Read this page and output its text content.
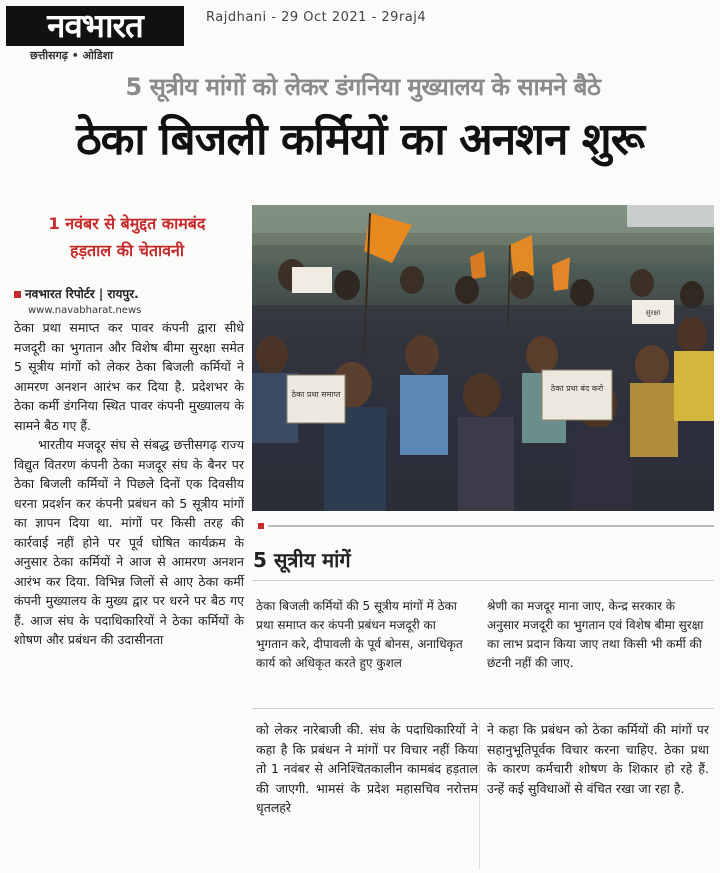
नवभारत
छत्तीसगढ़ • ओडिशा
Rajdhani - 29 Oct 2021 - 29raj4
5 सूत्रीय मांगों को लेकर डंगनिया मुख्यालय के सामने बैठे
ठेका बिजली कर्मियों का अनशन शुरू
1 नवंबर से बेमुद्दत कामबंद
हड़ताल की चेतावनी
नवभारत रिपोर्टर | रायपुर.
www.navabharat.news

ठेका प्रथा समाप्त कर पावर कंपनी द्वारा सीधे मजदूरी का भुगतान और विशेष बीमा सुरक्षा समेत 5 सूत्रीय मांगों को लेकर ठेका बिजली कर्मियों ने आमरण अनशन आरंभ कर दिया है. प्रदेशभर के ठेका कर्मी डंगनिया स्थित पावर कंपनी मुख्यालय के सामने बैठ गए हैं.

भारतीय मजदूर संघ से संबद्ध छत्तीसगढ़ राज्य विद्युत वितरण कंपनी ठेका मजदूर संघ के बैनर पर ठेका बिजली कर्मियों ने पिछले दिनों एक दिवसीय धरना प्रदर्शन कर कंपनी प्रबंधन को 5 सूत्रीय मांगों का ज्ञापन दिया था. मांगों पर किसी तरह की कार्रवाई नहीं होने पर पूर्व घोषित कार्यक्रम के अनुसार ठेका कर्मियों ने आज से आमरण अनशन आरंभ कर दिया. विभिन्न जिलों से आए ठेका कर्मी कंपनी मुख्यालय के मुख्य द्वार पर धरने पर बैठ गए हैं. आज संघ के पदाधिकारियों ने ठेका कर्मियों के शोषण और प्रबंधन की उदासीनता

ठेका प्रथा समाप्त
ठेका प्रथा बंद करो
सुरक्षा
5 सूत्रीय मांगें
ठेका बिजली कर्मियों की 5 सूत्रीय मांगों में ठेका प्रथा समाप्त कर कंपनी प्रबंधन मजदूरी का भुगतान करे, दीपावली के पूर्व बोनस, अनाधिकृत कार्य को अधिकृत करते हुए कुशल
श्रेणी का मजदूर माना जाए, केन्द्र सरकार के अनुसार मजदूरी का भुगतान एवं विशेष बीमा सुरक्षा का लाभ प्रदान किया जाए तथा किसी भी कर्मी की छंटनी नहीं की जाए.
को लेकर नारेबाजी की. संघ के पदाधिकारियों ने कहा है कि प्रबंधन ने मांगों पर विचार नहीं किया तो 1 नवंबर से अनिश्चितकालीन कामबंद हड़ताल की जाएगी. भामसं के प्रदेश महासचिव नरोत्तम धृतलहरे
ने कहा कि प्रबंधन को ठेका कर्मियों की मांगों पर सहानुभूतिपूर्वक विचार करना चाहिए. ठेका प्रथा के कारण कर्मचारी शोषण के शिकार हो रहे हैं. उन्हें कई सुविधाओं से वंचित रखा जा रहा है.
